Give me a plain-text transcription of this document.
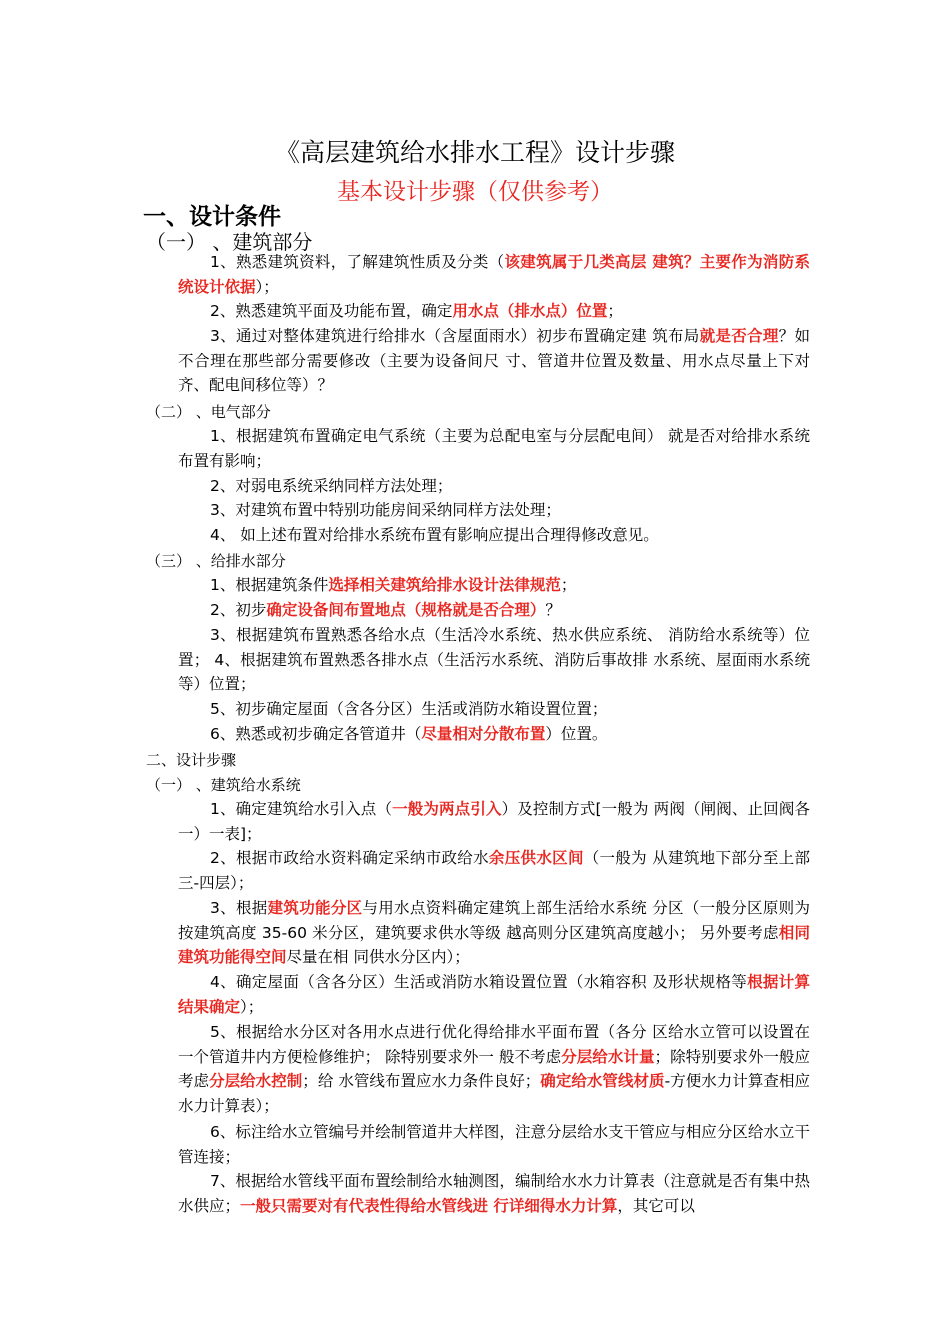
《高层建筑给水排水工程》设计步骤
基本设计步骤（仅供参考）
一、设计条件
（一） 、建筑部分

1、熟悉建筑资料，了解建筑性质及分类（该建筑属于几类高层 建筑？主要作为消防系统设计依据）；

2、熟悉建筑平面及功能布置，确定用水点（排水点）位置；

3、通过对整体建筑进行给排水（含屋面雨水）初步布置确定建 筑布局就是否合理？如不合理在那些部分需要修改（主要为设备间尺 寸、管道井位置及数量、用水点尽量上下对齐、配电间移位等）？

（二） 、电气部分

1、根据建筑布置确定电气系统（主要为总配电室与分层配电间） 就是否对给排水系统布置有影响；

2、对弱电系统采纳同样方法处理；

3、对建筑布置中特别功能房间采纳同样方法处理；

4、 如上述布置对给排水系统布置有影响应提出合理得修改意见。

（三） 、给排水部分

1、根据建筑条件选择相关建筑给排水设计法律规范；

2、初步确定设备间布置地点（规格就是否合理）？

3、根据建筑布置熟悉各给水点（生活冷水系统、热水供应系统、 消防给水系统等）位置； 4、根据建筑布置熟悉各排水点（生活污水系统、消防后事故排 水系统、屋面雨水系统等）位置；

5、初步确定屋面（含各分区）生活或消防水箱设置位置；

6、熟悉或初步确定各管道井（尽量相对分散布置）位置。

二、设计步骤
（一） 、建筑给水系统

1、确定建筑给水引入点（一般为两点引入）及控制方式[一般为 两阀（闸阀、止回阀各一）一表]；

2、根据市政给水资料确定采纳市政给水余压供水区间（一般为 从建筑地下部分至上部三-四层）；

3、根据建筑功能分区与用水点资料确定建筑上部生活给水系统 分区（一般分区原则为按建筑高度 35-60 米分区，建筑要求供水等级 越高则分区建筑高度越小； 另外要考虑相同建筑功能得空间尽量在相 同供水分区内）；

4、确定屋面（含各分区）生活或消防水箱设置位置（水箱容积 及形状规格等根据计算结果确定）；

5、根据给水分区对各用水点进行优化得给排水平面布置（各分 区给水立管可以设置在一个管道井内方便检修维护； 除特别要求外一 般不考虑分层给水计量；除特别要求外一般应考虑分层给水控制；给 水管线布置应水力条件良好；确定给水管线材质-方便水力计算查相应水力计算表）；

6、标注给水立管编号并绘制管道井大样图，注意分层给水支干管应与相应分区给水立干管连接；

7、根据给水管线平面布置绘制给水轴测图，编制给水水力计算表（注意就是否有集中热水供应；一般只需要对有代表性得给水管线进 行详细得水力计算，其它可以
